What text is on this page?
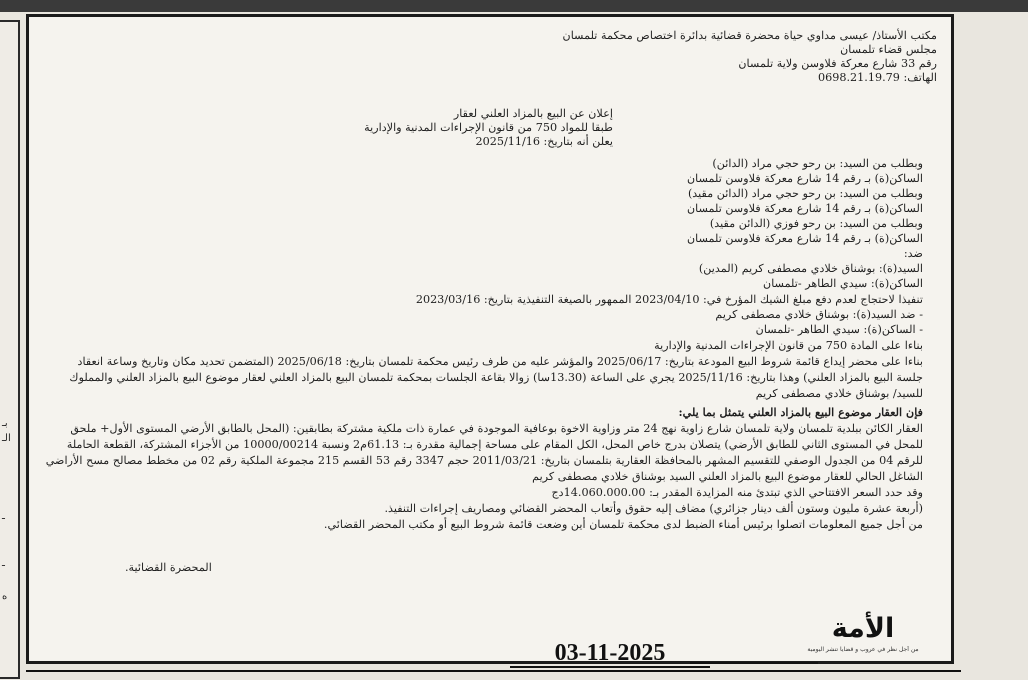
بـ
الـ
ـ
ـ
ه
مكتب الأستاذ/ عيسى مداوي حياة محضرة قضائية بدائرة اختصاص محكمة تلمسان
مجلس قضاء تلمسان
رقم 33 شارع معركة فلاوسن ولاية تلمسان
الهاتف: 0698.21.19.79
إعلان عن البيع بالمزاد العلني لعقار
طبقا للمواد 750 من قانون الإجراءات المدنية والإدارية
يعلن أنه بتاريخ: 2025/11/16
وبطلب من السيد: بن رحو حجي مراد (الدائن)
الساكن(ة) بـ رقم 14 شارع معركة فلاوسن تلمسان
وبطلب من السيد: بن رحو حجي مراد (الدائن مقيد)
الساكن(ة) بـ رقم 14 شارع معركة فلاوسن تلمسان
وبطلب من السيد: بن رحو فوزي (الدائن مقيد)
الساكن(ة) بـ رقم 14 شارع معركة فلاوسن تلمسان
ضد:
السيد(ة): بوشناق خلادي مصطفى كريم (المدين)
الساكن(ة): سيدي الطاهر -تلمسان
تنفيذا لاحتجاج لعدم دفع مبلغ الشيك المؤرخ في: 2023/04/10 الممهور بالصيغة التنفيذية بتاريخ: 2023/03/16
- ضد السيد(ة): بوشناق خلادي مصطفى كريم
- الساكن(ة): سيدي الطاهر -تلمسان
بناءا على المادة 750 من قانون الإجراءات المدنية والإدارية
بناءا على محضر إيداع قائمة شروط البيع المودعة بتاريخ: 2025/06/17 والمؤشر عليه من طرف رئيس محكمة تلمسان بتاريخ: 2025/06/18 (المتضمن تحديد مكان وتاريخ وساعة انعقاد
جلسة البيع بالمزاد العلني) وهذا بتاريخ: 2025/11/16 يجري على الساعة (13.30سا) زوالا بقاعة الجلسات بمحكمة تلمسان البيع بالمزاد العلني لعقار موضوع البيع بالمزاد العلني والمملوك
للسيد/ بوشناق خلادي مصطفى كريم
فإن العقار موضوع البيع بالمزاد العلني يتمثل بما يلي:
العقار الكائن ببلدية تلمسان ولاية تلمسان شارع زاوية نهج 24 متر وزاوية الاخوة بوعافية الموجودة في عمارة ذات ملكية مشتركة بطابقين: (المحل بالطابق الأرضي المستوى الأول+ ملحق
للمحل في المستوى الثاني للطابق الأرضي) يتصلان بدرج خاص المحل، الكل المقام على مساحة إجمالية مقدرة بـ: 61.13م2 ونسبة 10000/00214 من الأجزاء المشتركة، القطعة الحاملة
للرقم 04 من الجدول الوصفي للتقسيم المشهر بالمحافظة العقارية بتلمسان بتاريخ: 2011/03/21 حجم 3347 رقم 53 القسم 215 مجموعة الملكية رقم 02 من مخطط مصالح مسح الأراضي
الشاغل الحالي للعقار موضوع البيع بالمزاد العلني السيد بوشناق خلادي مصطفى كريم
وقد حدد السعر الافتتاحي الذي تبتدئ منه المزايدة المقدر بـ: 14.060.000.00دج
(أربعة عشرة مليون وستون ألف دينار جزائري) مضاف إليه حقوق وأتعاب المحضر القضائي ومصاريف إجراءات التنفيذ.
من أجل جميع المعلومات اتصلوا برئيس أمناء الضبط لدى محكمة تلمسان أين وضعت قائمة شروط البيع أو مكتب المحضر القضائي.
المحضرة القضائية.
الأمة
من أجل نظر في عروب و قضايا تنشر اليومية
03-11-2025
